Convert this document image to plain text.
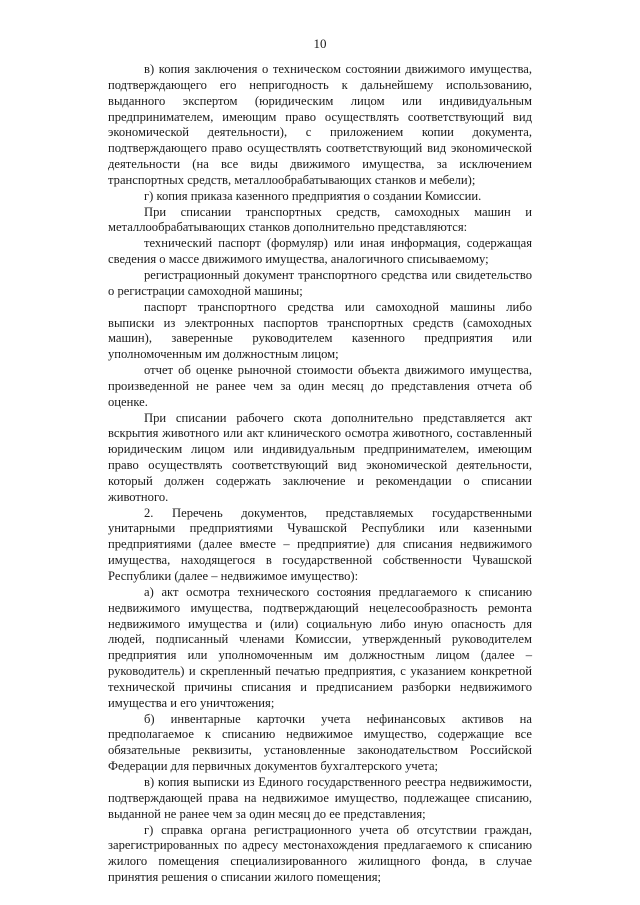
10

в) копия заключения о техническом состоянии движимого имущества, подтверждающего его непригодность к дальнейшему использованию, выданного экспертом (юридическим лицом или индивидуальным предпринимателем, имеющим право осуществлять соответствующий вид экономической деятельности), с приложением копии документа, подтверждающего право осуществлять соответствующий вид экономической деятельности (на все виды движимого имущества, за исключением транспортных средств, металлообрабатывающих станков и мебели);

г) копия приказа казенного предприятия о создании Комиссии.

При списании транспортных средств, самоходных машин и металлообрабатывающих станков дополнительно представляются:

технический паспорт (формуляр) или иная информация, содержащая сведения о массе движимого имущества, аналогичного списываемому;

регистрационный документ транспортного средства или свидетельство о регистрации самоходной машины;

паспорт транспортного средства или самоходной машины либо выписки из электронных паспортов транспортных средств (самоходных машин), заверенные руководителем казенного предприятия или уполномоченным им должностным лицом;

отчет об оценке рыночной стоимости объекта движимого имущества, произведенной не ранее чем за один месяц до представления отчета об оценке.

При списании рабочего скота дополнительно представляется акт вскрытия животного или акт клинического осмотра животного, составленный юридическим лицом или индивидуальным предпринимателем, имеющим право осуществлять соответствующий вид экономической деятельности, который должен содержать заключение и рекомендации о списании животного.

2. Перечень документов, представляемых государственными унитарными предприятиями Чувашской Республики или казенными предприятиями (далее вместе – предприятие) для списания недвижимого имущества, находящегося в государственной собственности Чувашской Республики (далее – недвижимое имущество):

а) акт осмотра технического состояния предлагаемого к списанию недвижимого имущества, подтверждающий нецелесообразность ремонта недвижимого имущества и (или) социальную либо иную опасность для людей, подписанный членами Комиссии, утвержденный руководителем предприятия или уполномоченным им должностным лицом (далее – руководитель) и скрепленный печатью предприятия, с указанием конкретной технической причины списания и предписанием разборки недвижимого имущества и его уничтожения;

б) инвентарные карточки учета нефинансовых активов на предполагаемое к списанию недвижимое имущество, содержащие все обязательные реквизиты, установленные законодательством Российской Федерации для первичных документов бухгалтерского учета;

в) копия выписки из Единого государственного реестра недвижимости, подтверждающей права на недвижимое имущество, подлежащее списанию, выданной не ранее чем за один месяц до ее представления;

г) справка органа регистрационного учета об отсутствии граждан, зарегистрированных по адресу местонахождения предлагаемого к списанию жилого помещения специализированного жилищного фонда, в случае принятия решения о списании жилого помещения;
